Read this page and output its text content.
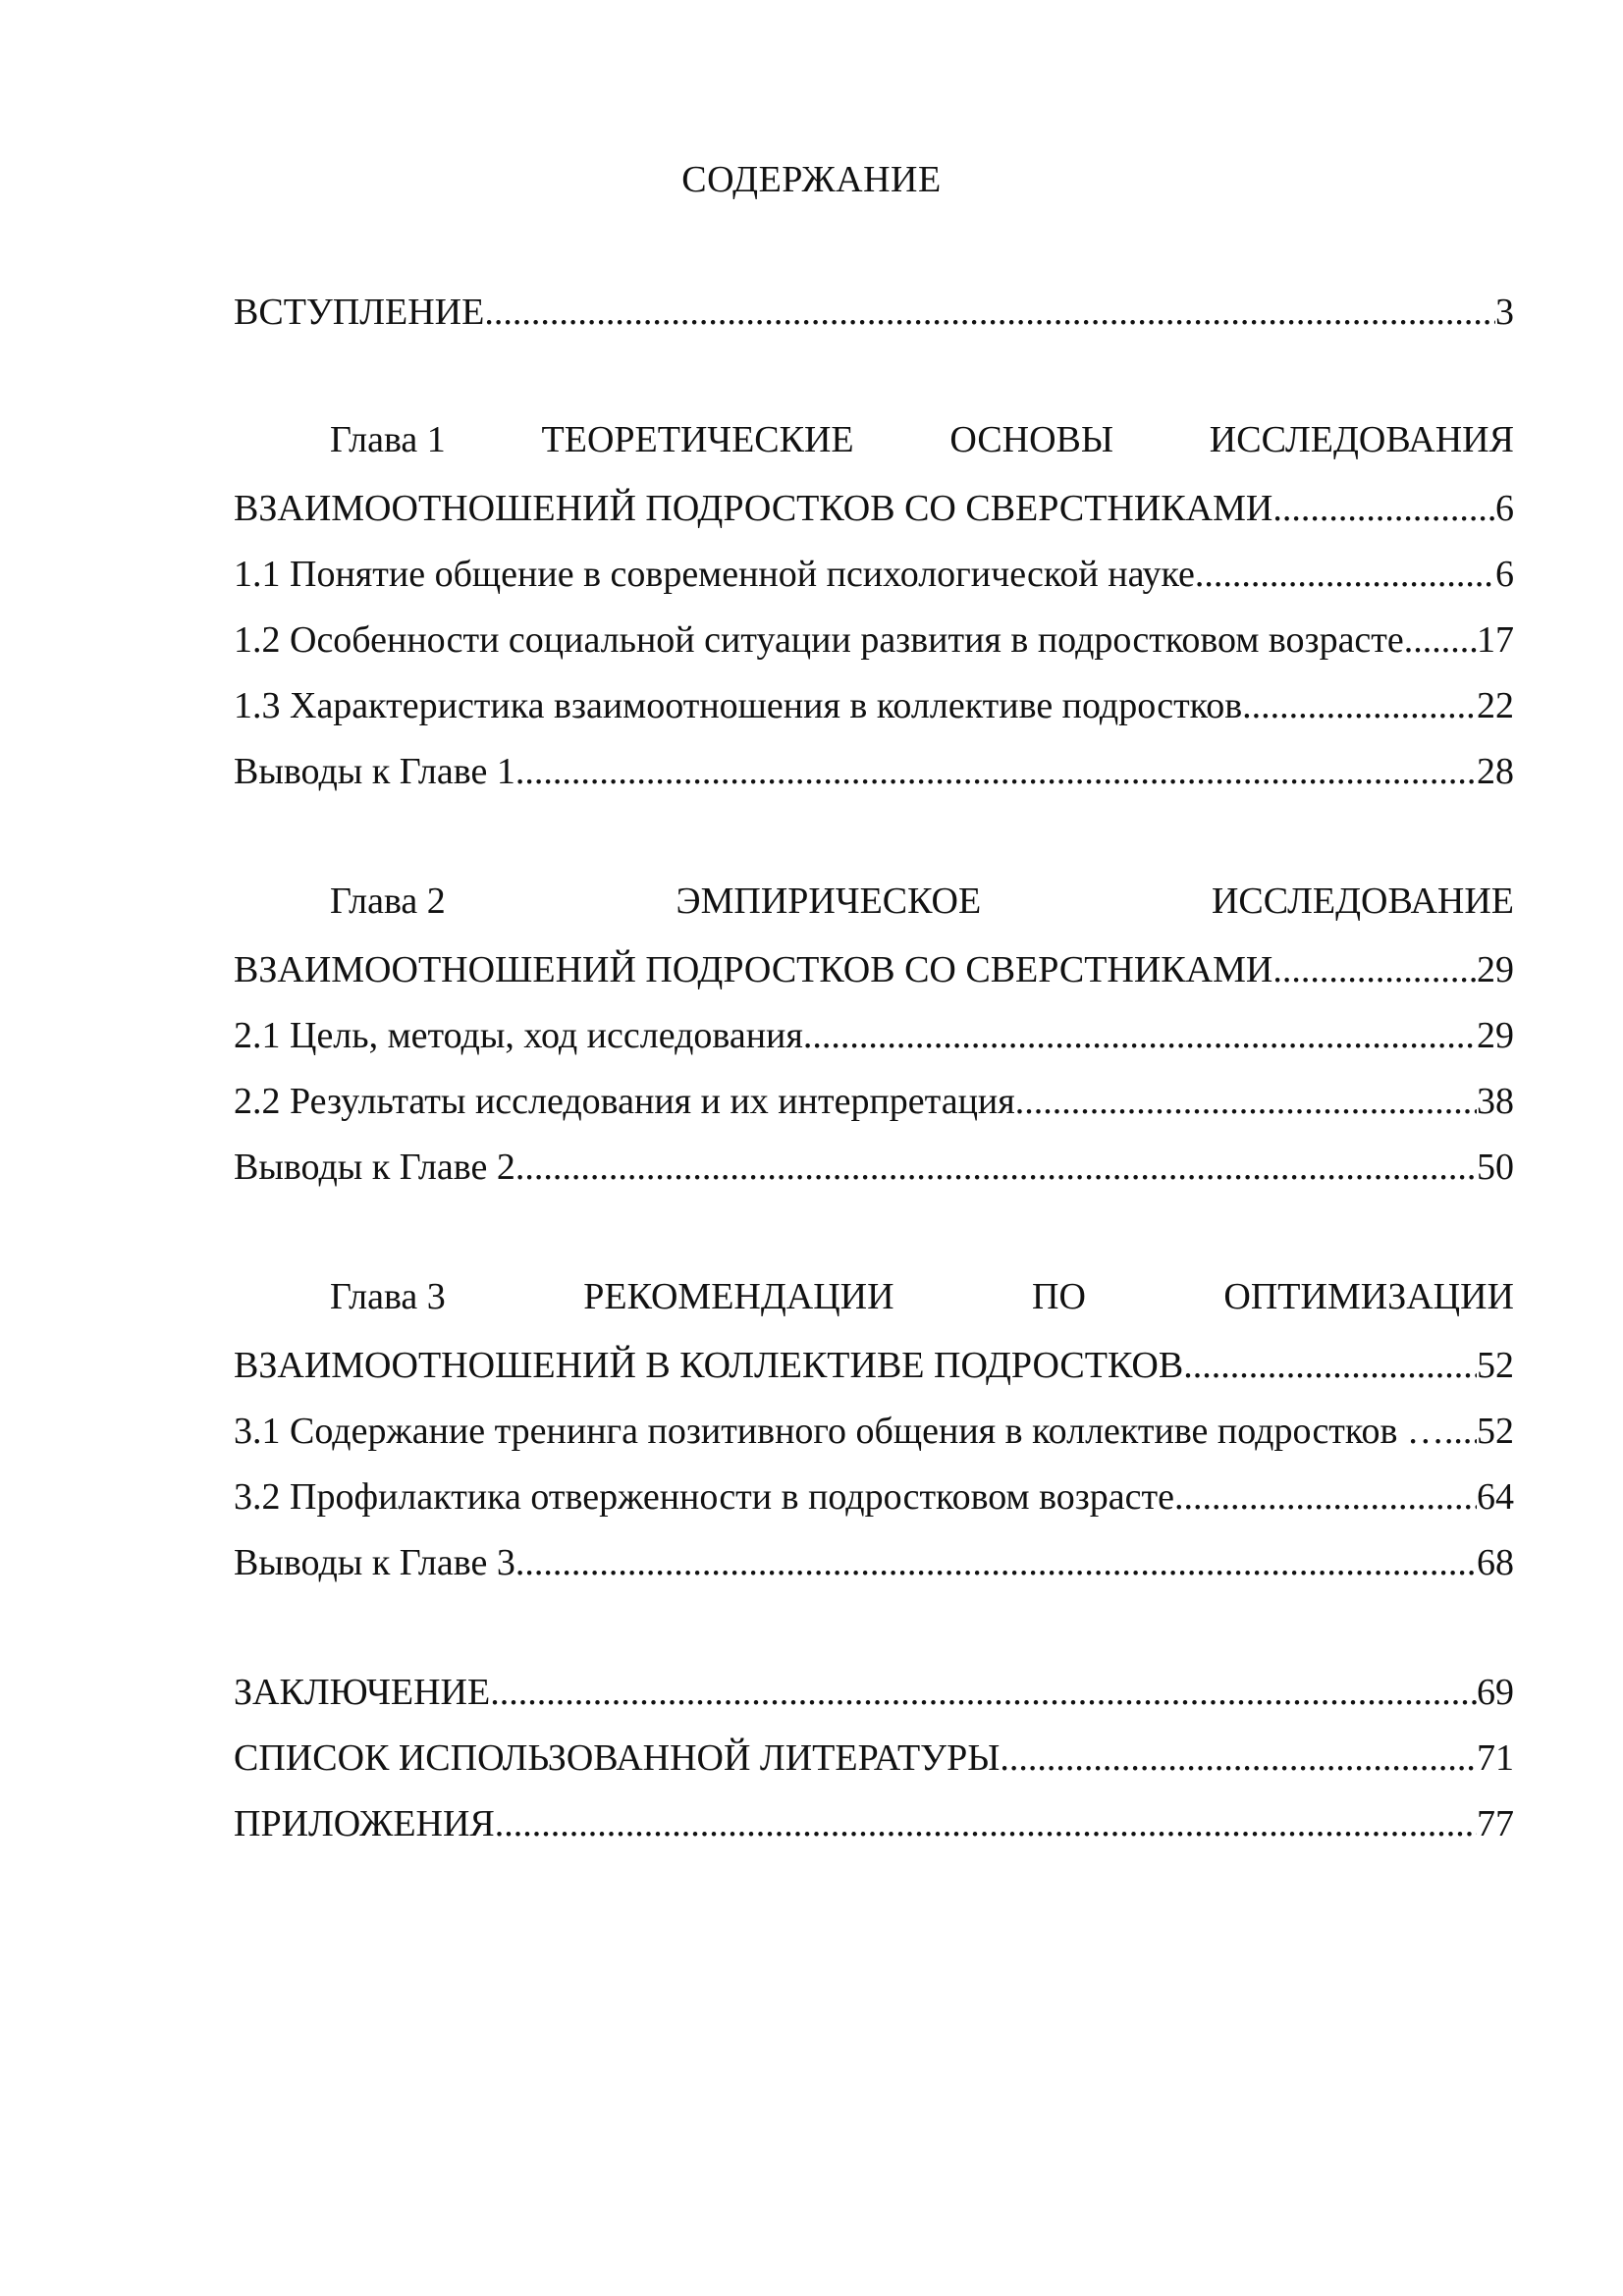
СОДЕРЖАНИЕ
ВСТУПЛЕНИЕ .....	3
Глава 1	ТЕОРЕТИЧЕСКИЕ	ОСНОВЫ	ИССЛЕДОВАНИЯ
ВЗАИМООТНОШЕНИЙ ПОДРОСТКОВ СО СВЕРСТНИКАМИ .....	6
1.1 Понятие общение в современной психологической науке .....	6
1.2 Особенности социальной ситуации развития в подростковом возрасте ..... 17
1.3 Характеристика взаимоотношения в коллективе подростков .....	22
Выводы к Главе 1 .....	28
Глава 2	ЭМПИРИЧЕСКОЕ	ИССЛЕДОВАНИЕ
ВЗАИМООТНОШЕНИЙ ПОДРОСТКОВ СО СВЕРСТНИКАМИ .....	29
2.1 Цель, методы, ход исследования .....	29
2.2 Результаты исследования и их интерпретация .....	38
Выводы к Главе 2 .....	50
Глава 3	РЕКОМЕНДАЦИИ	ПО	ОПТИМИЗАЦИИ
ВЗАИМООТНОШЕНИЙ В КОЛЛЕКТИВЕ ПОДРОСТКОВ .....	52
3.1 Содержание тренинга позитивного общения в коллективе подростков … ..... 52
3.2 Профилактика отверженности в подростковом возрасте .....	64
Выводы к Главе 3 .....	68
ЗАКЛЮЧЕНИЕ .....	69
СПИСОК ИСПОЛЬЗОВАННОЙ ЛИТЕРАТУРЫ .....	71
ПРИЛОЖЕНИЯ .....	77
